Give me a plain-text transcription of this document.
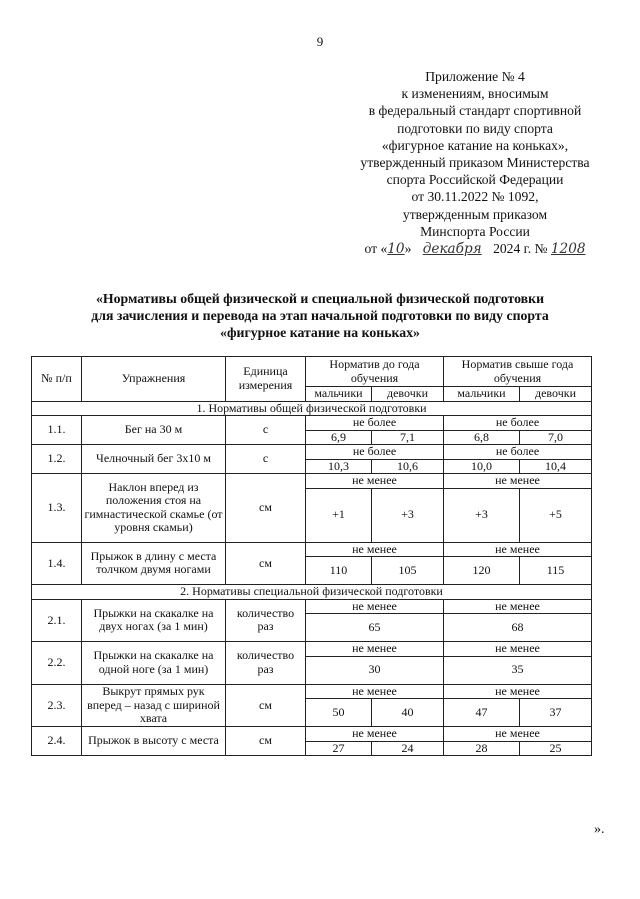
9
Приложение № 4
к изменениям, вносимым
в федеральный стандарт спортивной
подготовки по виду спорта
«фигурное катание на коньках»,
утвержденный приказом Министерства
спорта Российской Федерации
от 30.11.2022 № 1092,
утвержденным приказом
Минспорта России
от «10» декабря 2024 г. № 1208
«Нормативы общей физической и специальной физической подготовки
для зачисления и перевода на этап начальной подготовки по виду спорта
«фигурное катание на коньках»
№ п/п	Упражнения	Единица измерения	Норматив до года обучения		Норматив свыше года обучения	
			мальчики	девочки	мальчики	девочки
1. Нормативы общей физической подготовки						
1.1.	Бег на 30 м	с	не более		не более	
			6,9	7,1	6,8	7,0
1.2.	Челночный бег 3х10 м	с	не более		не более	
			10,3	10,6	10,0	10,4
1.3.	Наклон вперед из положения стоя на гимнастической скамье (от уровня скамьи)	см	не менее		не менее	
			+1	+3	+3	+5
1.4.	Прыжок в длину с места толчком двумя ногами	см	не менее		не менее	
			110	105	120	115
2. Нормативы специальной физической подготовки						
2.1.	Прыжки на скакалке на двух ногах (за 1 мин)	количество раз	не менее		не менее	
			65		68	
2.2.	Прыжки на скакалке на одной ноге (за 1 мин)	количество раз	не менее		не менее	
			30		35	
2.3.	Выкрут прямых рук вперед – назад с шириной хвата	см	не менее		не менее	
			50	40	47	37
2.4.	Прыжок в высоту с места	см	не менее		не менее	
			27	24	28	25
».
